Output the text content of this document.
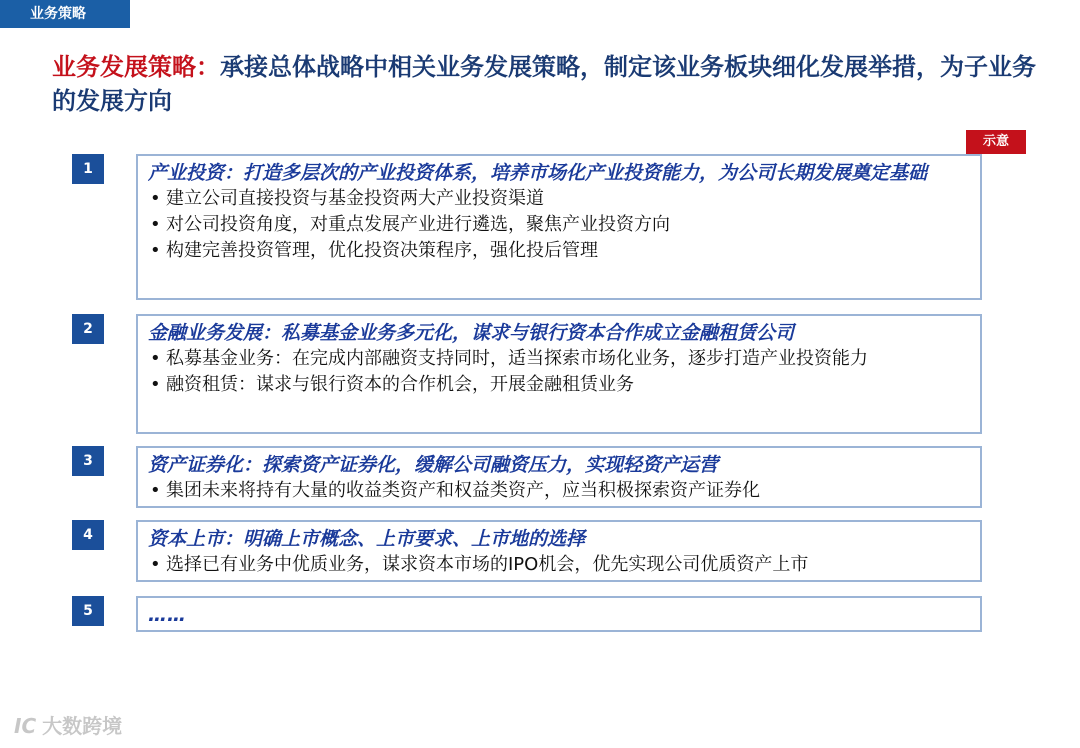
业务策略
业务发展策略：承接总体战略中相关业务发展策略，制定该业务板块细化发展举措，为子业务的发展方向
示意
1	产业投资：打造多层次的产业投资体系，培养市场化产业投资能力，为公司长期发展奠定基础
• 建立公司直接投资与基金投资两大产业投资渠道
• 对公司投资角度，对重点发展产业进行遴选，聚焦产业投资方向
• 构建完善投资管理，优化投资决策程序，强化投后管理
2	金融业务发展：私募基金业务多元化，谋求与银行资本合作成立金融租赁公司
• 私募基金业务：在完成内部融资支持同时，适当探索市场化业务，逐步打造产业投资能力
• 融资租赁：谋求与银行资本的合作机会，开展金融租赁业务
3	资产证券化：探索资产证券化，缓解公司融资压力，实现轻资产运营
• 集团未来将持有大量的收益类资产和权益类资产，应当积极探索资产证券化
4	资本上市：明确上市概念、上市要求、上市地的选择
• 选择已有业务中优质业务，谋求资本市场的IPO机会，优先实现公司优质资产上市
5	……
IC 大数跨境
